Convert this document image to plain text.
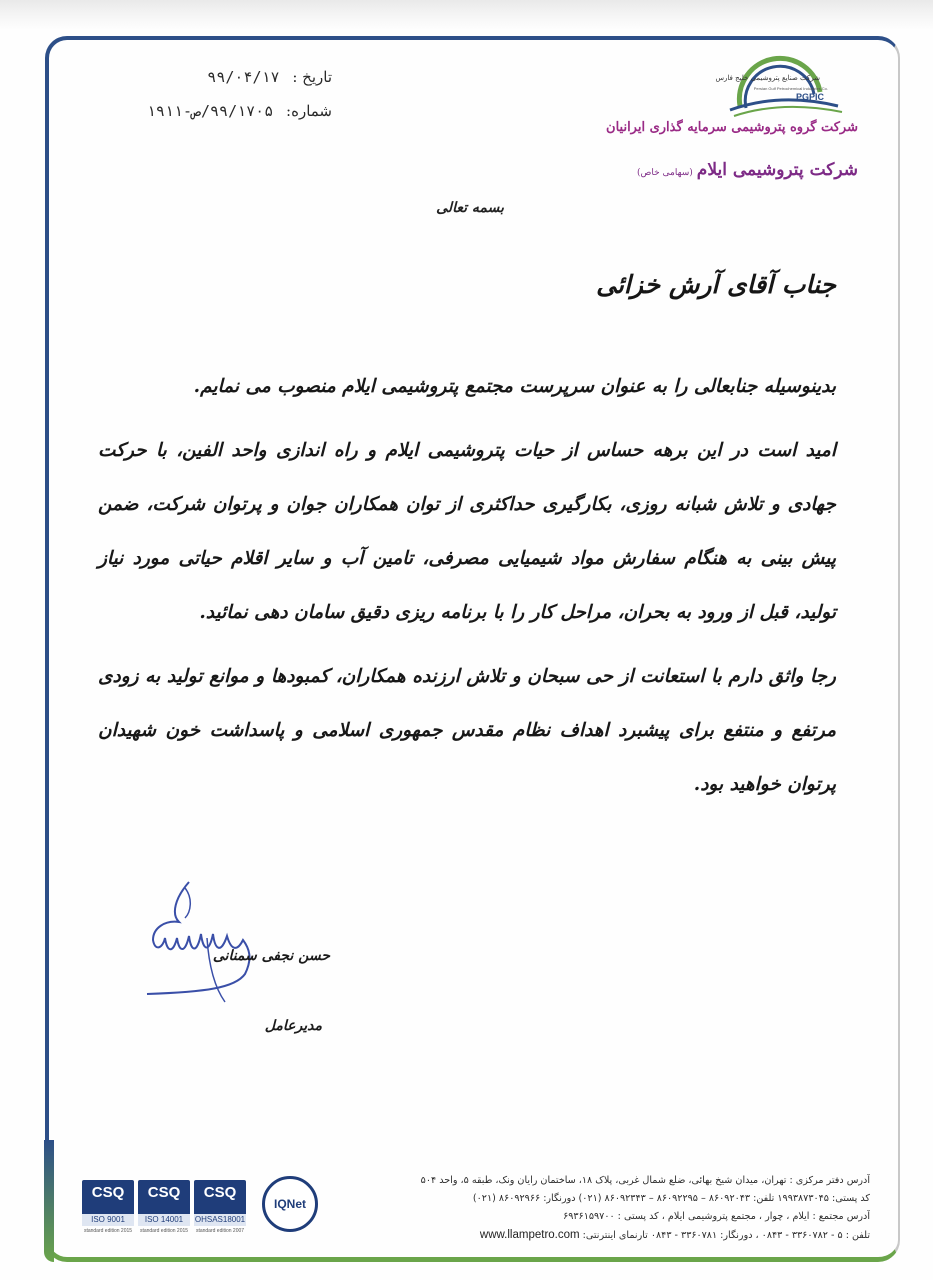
تاریخ : ۹۹/۰۴/۱۷
شماره: ۹۹/۱۷۰۵/ص-۱۹۱۱
شرکت صنایع پتروشیمی خلیج فارس
Persian Gulf Petrochemical Industries Co.
PGPIC
شرکت گروه پتروشیمی سرمایه گذاری ایرانیان
شرکت پتروشیمی ایلام(سهامی خاص)
بسمه تعالی
جناب آقای آرش خزائی

بدینوسیله جنابعالی را به عنوان سرپرست مجتمع پتروشیمی ایلام منصوب می نمایم.

امید است در این برهه حساس از حیات پتروشیمی ایلام و راه اندازی واحد الفین، با حرکت جهادی و تلاش شبانه روزی، بکارگیری حداکثری از توان همکاران جوان و پرتوان شرکت، ضمن پیش بینی به هنگام سفارش مواد شیمیایی مصرفی، تامین آب و سایر اقلام حیاتی مورد نیاز تولید، قبل از ورود به بحران، مراحل کار را با برنامه ریزی دقیق سامان دهی نمائید.

رجا واثق دارم با استعانت از حی سبحان و تلاش ارزنده همکاران، کمبودها و موانع تولید به زودی مرتفع و منتفع برای پیشبرد اهداف نظام مقدس جمهوری اسلامی و پاسداشت خون شهیدان پرتوان خواهید بود.

حسن نجفی سمنانی
مدیرعامل
CSQ
ISO 9001
standard edition 2015
CSQ
ISO 14001
standard edition 2015
CSQ
OHSAS18001
standard edition 2007
IQNet
آدرس دفتر مرکزی : تهران، میدان شیخ بهائی، ضلع شمال غربی، پلاک ۱۸، ساختمان رایان ونک، طبقه ۵، واحد ۵۰۴
کد پستی: ۱۹۹۳۸۷۳۰۴۵ تلفن: ۸۶۰۹۲۰۴۳ – ۸۶۰۹۲۲۹۵ – ۸۶۰۹۲۳۴۳ (۰۲۱) دورنگار: ۸۶۰۹۲۹۶۶ (۰۲۱)
آدرس مجتمع : ایلام ، چوار ، مجتمع پتروشیمی ایلام ، کد پستی : ۶۹۳۶۱۵۹۷۰۰
تلفن : ۵ - ۳۳۶۰۷۸۲ - ۰۸۴۳ ، دورنگار: ۳۳۶۰۷۸۱ - ۰۸۴۳ تارنمای اینترنتی: www.llampetro.com
